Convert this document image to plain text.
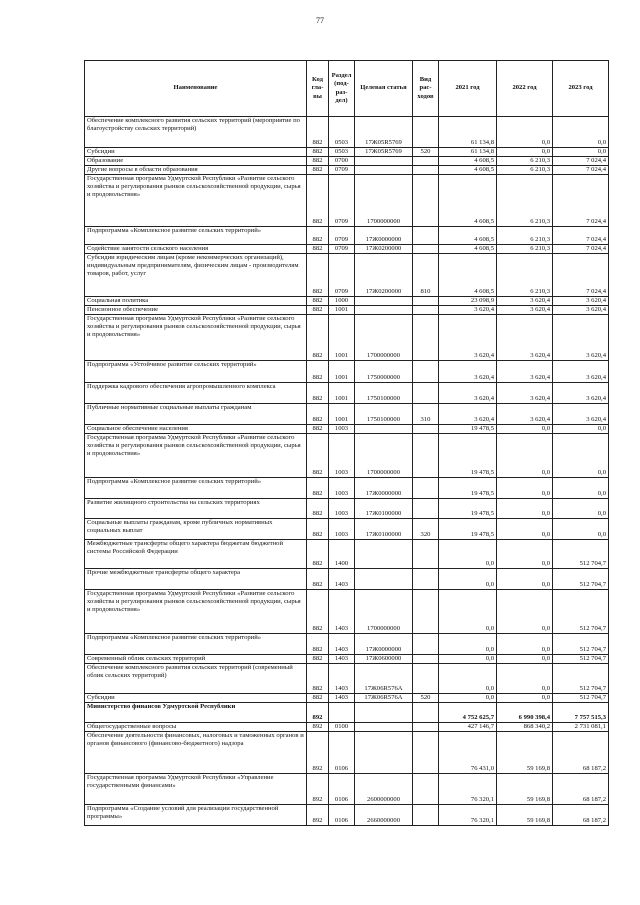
77
Наименование	Код гла- вы	Раздел (под- раз- дел)	Целевая статья	Вид рас- ходов	2021 год	2022 год	2023 год
Обеспечение комплексного развития сельских территорий (мероприятие по благоустройству сельских территорий)	882	0503	17Ж05R5769		61 134,8	0,0	0,0
Субсидии	882	0503	17Ж05R5769	520	61 134,8	0,0	0,0
Образование	882	0700			4 608,5	6 210,3	7 024,4
Другие вопросы в области образования	882	0709			4 608,5	6 210,3	7 024,4
Государственная программа Удмуртской Республики «Развитие сельского хозяйства и регулирования рынков сельскохозяйственной продукции, сырья и продовольствия»	882	0709	1700000000		4 608,5	6 210,3	7 024,4
Подпрограмма «Комплексное развитие сельских территорий»	882	0709	17Ж0000000		4 608,5	6 210,3	7 024,4
Содействие занятости сельского населения	882	0709	17Ж0200000		4 608,5	6 210,3	7 024,4
Субсидии юридическим лицам (кроме некоммерческих организаций), индивидуальным предпринимателям, физическим лицам - производителям товаров, работ, услуг	882	0709	17Ж0200000	810	4 608,5	6 210,3	7 024,4
Социальная политика	882	1000			23 098,9	3 620,4	3 620,4
Пенсионное обеспечение	882	1001			3 620,4	3 620,4	3 620,4
Государственная программа Удмуртской Республики «Развитие сельского хозяйства и регулирования рынков сельскохозяйственной продукции, сырья и продовольствия»	882	1001	1700000000		3 620,4	3 620,4	3 620,4
Подпрограмма «Устойчивое развитие сельских территорий»	882	1001	1750000000		3 620,4	3 620,4	3 620,4
Поддержка кадрового обеспечения агропромышленного комплекса	882	1001	1750100000		3 620,4	3 620,4	3 620,4
Публичные нормативные социальные выплаты гражданам	882	1001	1750100000	310	3 620,4	3 620,4	3 620,4
Социальное обеспечение населения	882	1003			19 478,5	0,0	0,0
Государственная программа Удмуртской Республики «Развитие сельского хозяйства и регулирования рынков сельскохозяйственной продукции, сырья и продовольствия»	882	1003	1700000000		19 478,5	0,0	0,0
Подпрограмма «Комплексное развитие сельских территорий»	882	1003	17Ж0000000		19 478,5	0,0	0,0
Развитие жилищного строительства на сельских территориях	882	1003	17Ж0100000		19 478,5	0,0	0,0
Социальные выплаты гражданам, кроме публичных нормативных социальных выплат	882	1003	17Ж0100000	320	19 478,5	0,0	0,0
Межбюджетные трансферты общего характера бюджетам бюджетной системы Российской Федерации	882	1400			0,0	0,0	512 704,7
Прочие межбюджетные трансферты общего характера	882	1403			0,0	0,0	512 704,7
Государственная программа Удмуртской Республики «Развитие сельского хозяйства и регулирования рынков сельскохозяйственной продукции, сырья и продовольствия»	882	1403	1700000000		0,0	0,0	512 704,7
Подпрограмма «Комплексное развитие сельских территорий»	882	1403	17Ж0000000		0,0	0,0	512 704,7
Современный облик сельских территорий	882	1403	17Ж0600000		0,0	0,0	512 704,7
Обеспечение комплексного развития сельских территорий (современный облик сельских территорий)	882	1403	17Ж06R576А		0,0	0,0	512 704,7
Субсидии	882	1403	17Ж06R576А	520	0,0	0,0	512 704,7
Министерство финансов Удмуртской Республики	892				4 752 625,7	6 990 398,4	7 757 515,3
Общегосударственные вопросы	892	0100			427 146,7	868 340,2	2 731 081,1
Обеспечение деятельности финансовых, налоговых и таможенных органов и органов финансового (финансово-бюджетного) надзора	892	0106			76 431,0	59 169,8	68 187,2
Государственная программа Удмуртской Республики «Управление государственными финансами»	892	0106	2600000000		76 320,1	59 169,8	68 187,2
Подпрограмма «Создание условий для реализации государственной программы»	892	0106	2660000000		76 320,1	59 169,8	68 187,2
